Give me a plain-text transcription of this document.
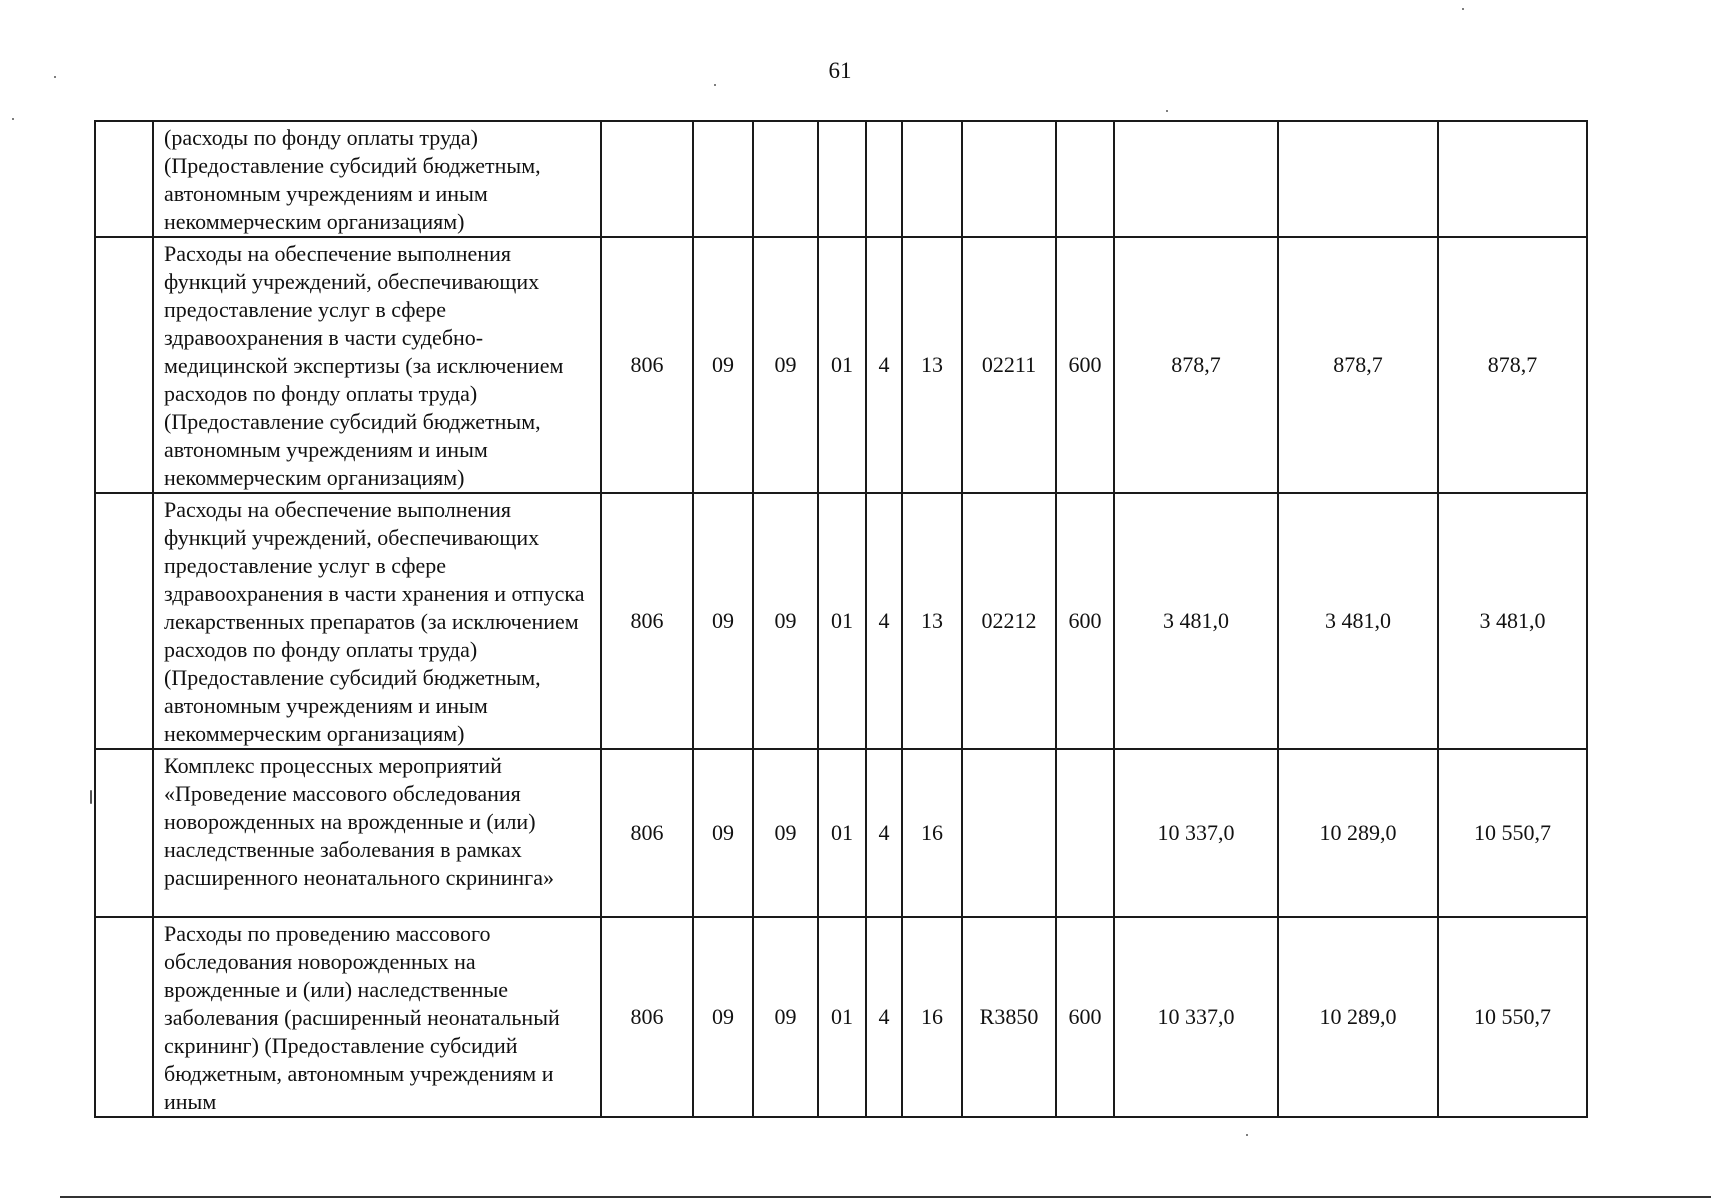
61
	(расходы по фонду оплаты труда) (Предоставление субсидий бюджетным, автономным учреждениям и иным некоммерческим организациям)											
	Расходы на обеспечение выполнения функций учреждений, обеспечивающих предоставление услуг в сфере здравоохранения в части судебно-медицинской экспертизы (за исключением расходов по фонду оплаты труда) (Предоставление субсидий бюджетным, автономным учреждениям и иным некоммерческим организациям)	806	09	09	01	4	13	02211	600	878,7	878,7	878,7
	Расходы на обеспечение выполнения функций учреждений, обеспечивающих предоставление услуг в сфере здравоохранения в части хранения и отпуска лекарственных препаратов (за исключением расходов по фонду оплаты труда) (Предоставление субсидий бюджетным, автономным учреждениям и иным некоммерческим организациям)	806	09	09	01	4	13	02212	600	3 481,0	3 481,0	3 481,0
	Комплекс процессных мероприятий «Проведение массового обследования новорожденных на врожденные и (или) наследственные заболевания в рамках расширенного неонатального скрининга»	806	09	09	01	4	16			10 337,0	10 289,0	10 550,7
	Расходы по проведению массового обследования новорожденных на врожденные и (или) наследственные заболевания (расширенный неонатальный скрининг) (Предоставление субсидий бюджетным, автономным учреждениям и иным	806	09	09	01	4	16	R3850	600	10 337,0	10 289,0	10 550,7
